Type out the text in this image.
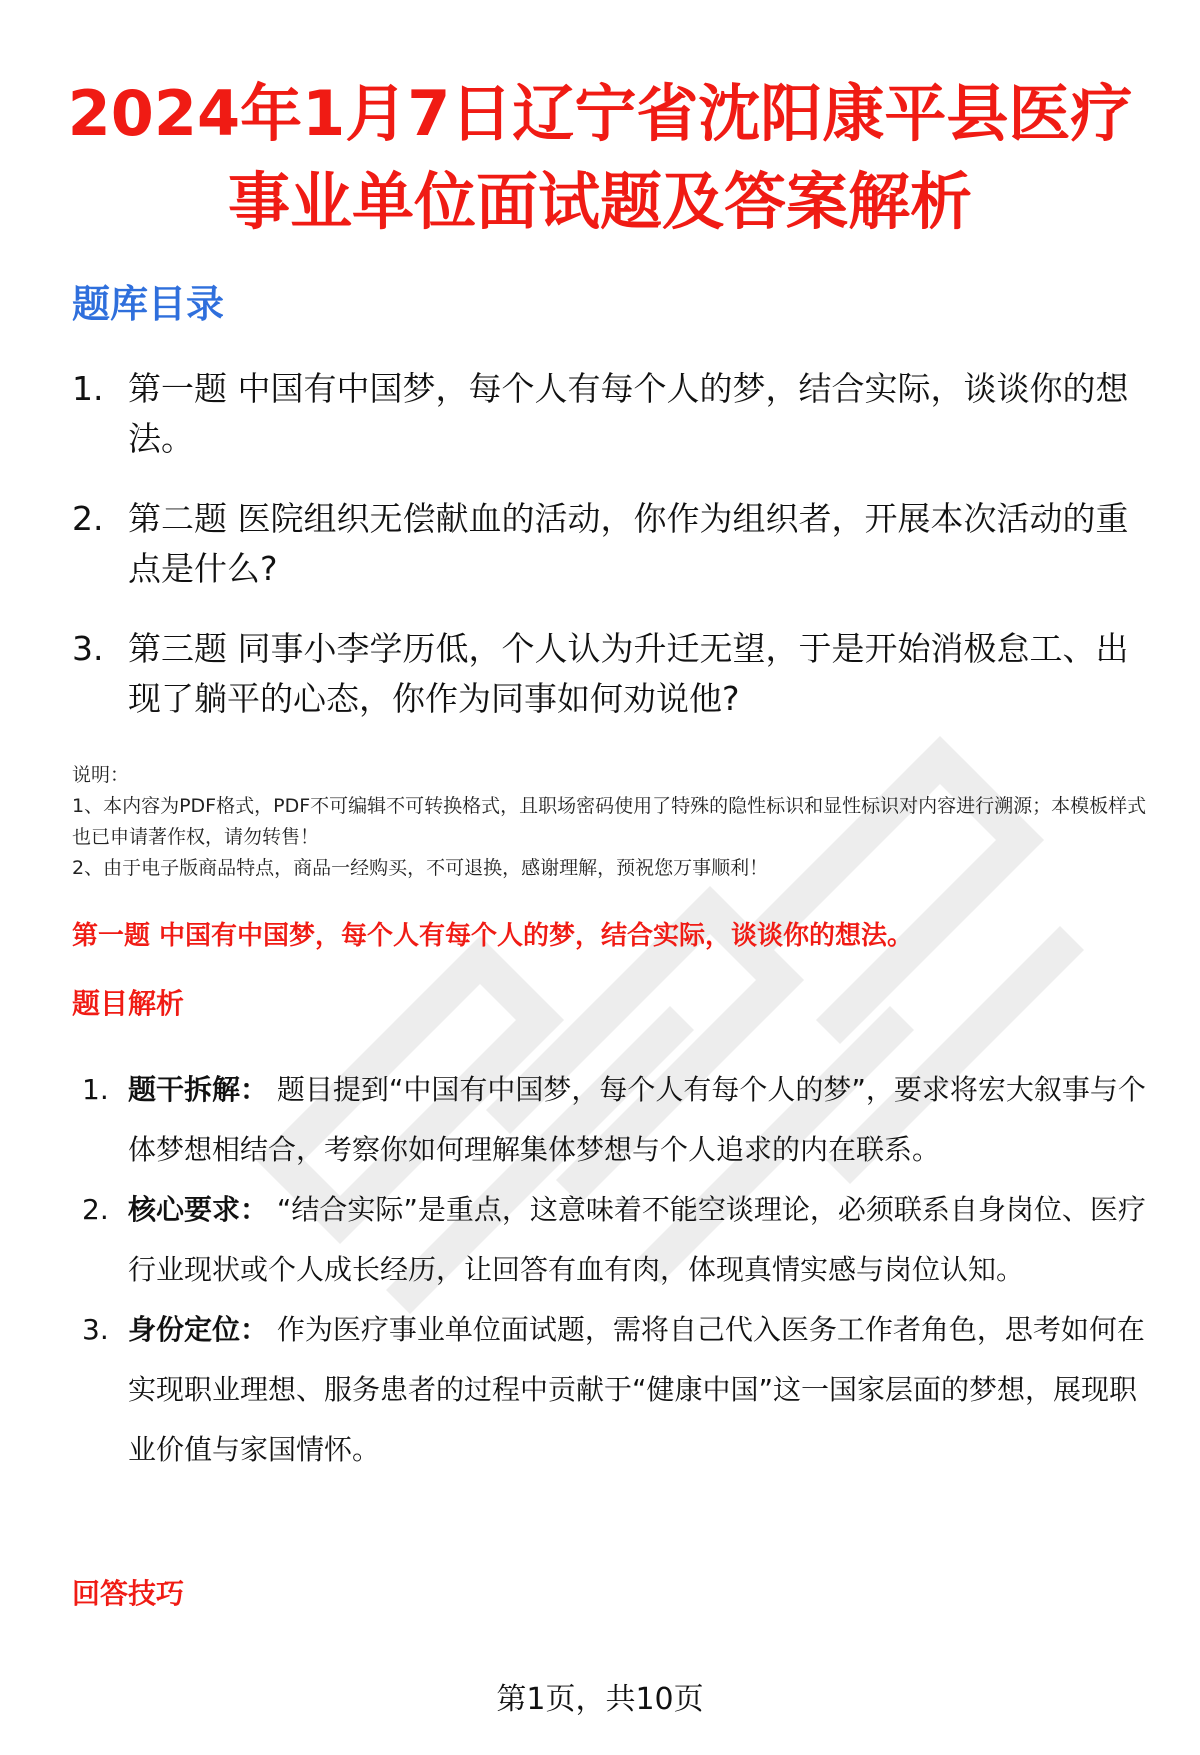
2024年1月7日辽宁省沈阳康平县医疗事业单位面试题及答案解析
题库目录
1. 第一题 中国有中国梦，每个人有每个人的梦，结合实际，谈谈你的想法。
2. 第二题 医院组织无偿献血的活动，你作为组织者，开展本次活动的重点是什么?
3. 第三题 同事小李学历低，个人认为升迁无望，于是开始消极怠工、出现了躺平的心态，你作为同事如何劝说他?

说明：

1、本内容为PDF格式，PDF不可编辑不可转换格式，且职场密码使用了特殊的隐性标识和显性标识对内容进行溯源；本模板样式也已申请著作权，请勿转售！

2、由于电子版商品特点，商品一经购买，不可退换，感谢理解，预祝您万事顺利！

第一题 中国有中国梦，每个人有每个人的梦，结合实际，谈谈你的想法。
题目解析
1. 题干拆解： 题目提到“中国有中国梦，每个人有每个人的梦”，要求将宏大叙事与个体梦想相结合，考察你如何理解集体梦想与个人追求的内在联系。
2. 核心要求： “结合实际”是重点，这意味着不能空谈理论，必须联系自身岗位、医疗行业现状或个人成长经历，让回答有血有肉，体现真情实感与岗位认知。
3. 身份定位： 作为医疗事业单位面试题，需将自己代入医务工作者角色，思考如何在实现职业理想、服务患者的过程中贡献于“健康中国”这一国家层面的梦想，展现职业价值与家国情怀。
回答技巧
第1页，共10页
